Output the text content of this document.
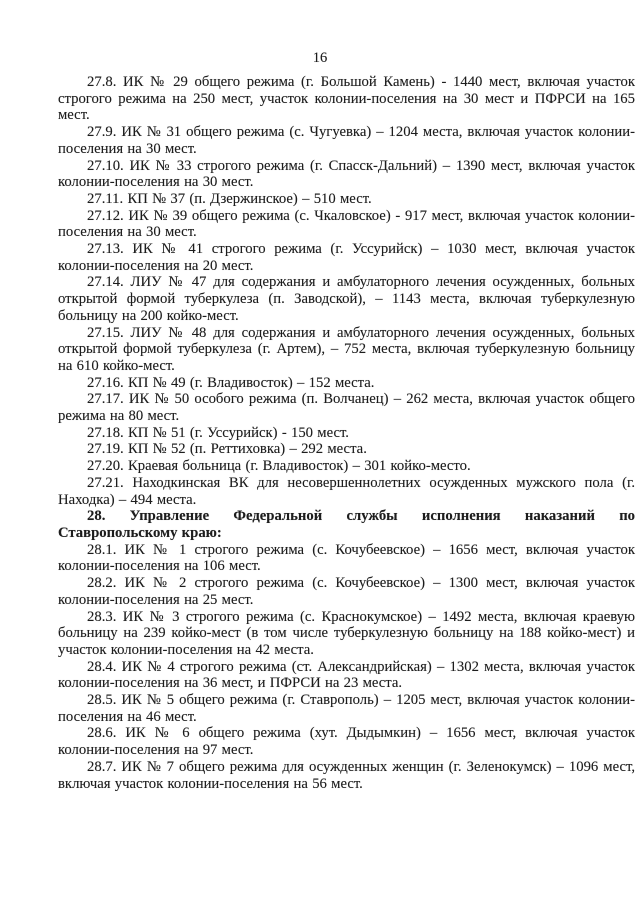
16

27.8. ИК № 29 общего режима (г. Большой Камень) - 1440 мест, включая участок строгого режима на 250 мест, участок колонии-поселения на 30 мест и ПФРСИ на 165 мест.

27.9. ИК № 31 общего режима (с. Чугуевка) – 1204 места, включая участок колонии-поселения на 30 мест.

27.10. ИК № 33 строгого режима (г. Спасск-Дальний) – 1390 мест, включая участок колонии-поселения на 30 мест.

27.11. КП № 37 (п. Дзержинское) – 510 мест.

27.12. ИК № 39 общего режима (с. Чкаловское) - 917 мест, включая участок колонии-поселения на 30 мест.

27.13. ИК № 41 строгого режима (г. Уссурийск) – 1030 мест, включая участок колонии-поселения на 20 мест.

27.14. ЛИУ № 47 для содержания и амбулаторного лечения осужденных, больных открытой формой туберкулеза (п. Заводской), – 1143 места, включая туберкулезную больницу на 200 койко-мест.

27.15. ЛИУ № 48 для содержания и амбулаторного лечения осужденных, больных открытой формой туберкулеза (г. Артем), – 752 места, включая туберкулезную больницу на 610 койко-мест.

27.16. КП № 49 (г. Владивосток) – 152 места.

27.17. ИК № 50 особого режима (п. Волчанец) – 262 места, включая участок общего режима на 80 мест.

27.18. КП № 51 (г. Уссурийск) - 150 мест.

27.19. КП № 52 (п. Реттиховка) – 292 места.

27.20. Краевая больница (г. Владивосток) – 301 койко-место.

27.21. Находкинская ВК для несовершеннолетних осужденных мужского пола (г. Находка) – 494 места.

28. Управление Федеральной службы исполнения наказаний по Ставропольскому краю:

28.1. ИК № 1 строгого режима (с. Кочубеевское) – 1656 мест, включая участок колонии-поселения на 106 мест.

28.2. ИК № 2 строгого режима (с. Кочубеевское) – 1300 мест, включая участок колонии-поселения на 25 мест.

28.3. ИК № 3 строгого режима (с. Краснокумское) – 1492 места, включая краевую больницу на 239 койко-мест (в том числе туберкулезную больницу на 188 койко-мест) и участок колонии-поселения на 42 места.

28.4. ИК № 4 строгого режима (ст. Александрийская) – 1302 места, включая участок колонии-поселения на 36 мест, и ПФРСИ на 23 места.

28.5. ИК № 5 общего режима (г. Ставрополь) – 1205 мест, включая участок колонии-поселения на 46 мест.

28.6. ИК № 6 общего режима (хут. Дыдымкин) – 1656 мест, включая участок колонии-поселения на 97 мест.

28.7. ИК № 7 общего режима для осужденных женщин (г. Зеленокумск) – 1096 мест, включая участок колонии-поселения на 56 мест.
